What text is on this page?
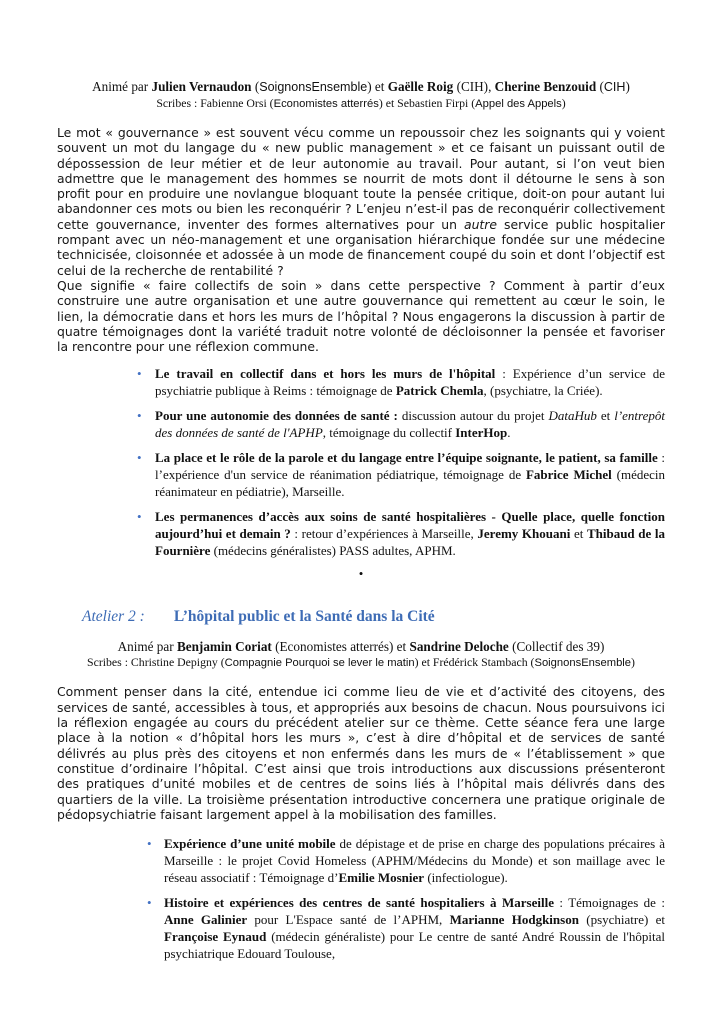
Animé par Julien Vernaudon (SoignonsEnsemble) et Gaëlle Roig (CIH), Cherine Benzouid (CIH)

Scribes : Fabienne Orsi (Economistes atterrés) et Sebastien Firpi (Appel des Appels)

Le mot « gouvernance » est souvent vécu comme un repoussoir chez les soignants qui y voient souvent un mot du langage du « new public management » et ce faisant un puissant outil de dépossession de leur métier et de leur autonomie au travail. Pour autant, si l’on veut bien admettre que le management des hommes se nourrit de mots dont il détourne le sens à son profit pour en produire une novlangue bloquant toute la pensée critique, doit-on pour autant lui abandonner ces mots ou bien les reconquérir ? L’enjeu n’est-il pas de reconquérir collectivement cette gouvernance, inventer des formes alternatives pour un autre service public hospitalier rompant avec un néo-management et une organisation hiérarchique fondée sur une médecine technicisée, cloisonnée et adossée à un mode de financement coupé du soin et dont l’objectif est celui de la recherche de rentabilité ?

Que signifie « faire collectifs de soin » dans cette perspective ? Comment à partir d’eux construire une autre organisation et une autre gouvernance qui remettent au cœur le soin, le lien, la démocratie dans et hors les murs de l’hôpital ? Nous engagerons la discussion à partir de quatre témoignages dont la variété traduit notre volonté de décloisonner la pensée et favoriser la rencontre pour une réflexion commune.

• Le travail en collectif dans et hors les murs de l'hôpital : Expérience d’un service de psychiatrie publique à Reims : témoignage de Patrick Chemla, (psychiatre, la Criée).
• Pour une autonomie des données de santé : discussion autour du projet DataHub et l’entrepôt des données de santé de l'APHP, témoignage du collectif InterHop.
• La place et le rôle de la parole et du langage entre l’équipe soignante, le patient, sa famille : l’expérience d'un service de réanimation pédiatrique, témoignage de Fabrice Michel (médecin réanimateur en pédiatrie), Marseille.
• Les permanences d’accès aux soins de santé hospitalières - Quelle place, quelle fonction aujourd’hui et demain ? : retour d’expériences à Marseille, Jeremy Khouani et Thibaud de la Fournière (médecins généralistes) PASS adultes, APHM.
•
Atelier 2 : L’hôpital public et la Santé dans la Cité

Animé par Benjamin Coriat (Economistes atterrés) et Sandrine Deloche (Collectif des 39)

Scribes : Christine Depigny (Compagnie Pourquoi se lever le matin) et Frédérick Stambach (SoignonsEnsemble)

Comment penser dans la cité, entendue ici comme lieu de vie et d’activité des citoyens, des services de santé, accessibles à tous, et appropriés aux besoins de chacun. Nous poursuivons ici la réflexion engagée au cours du précédent atelier sur ce thème. Cette séance fera une large place à la notion « d’hôpital hors les murs », c’est à dire d’hôpital et de services de santé délivrés au plus près des citoyens et non enfermés dans les murs de « l’établissement » que constitue d’ordinaire l’hôpital. C’est ainsi que trois introductions aux discussions présenteront des pratiques d’unité mobiles et de centres de soins liés à l’hôpital mais délivrés dans des quartiers de la ville. La troisième présentation introductive concernera une pratique originale de pédopsychiatrie faisant largement appel à la mobilisation des familles.

• Expérience d’une unité mobile de dépistage et de prise en charge des populations précaires à Marseille : le projet Covid Homeless (APHM/Médecins du Monde) et son maillage avec le réseau associatif : Témoignage d’Emilie Mosnier (infectiologue).
• Histoire et expériences des centres de santé hospitaliers à Marseille : Témoignages de : Anne Galinier pour L'Espace santé de l’APHM, Marianne Hodgkinson (psychiatre) et Françoise Eynaud (médecin généraliste) pour Le centre de santé André Roussin de l'hôpital psychiatrique Edouard Toulouse,
